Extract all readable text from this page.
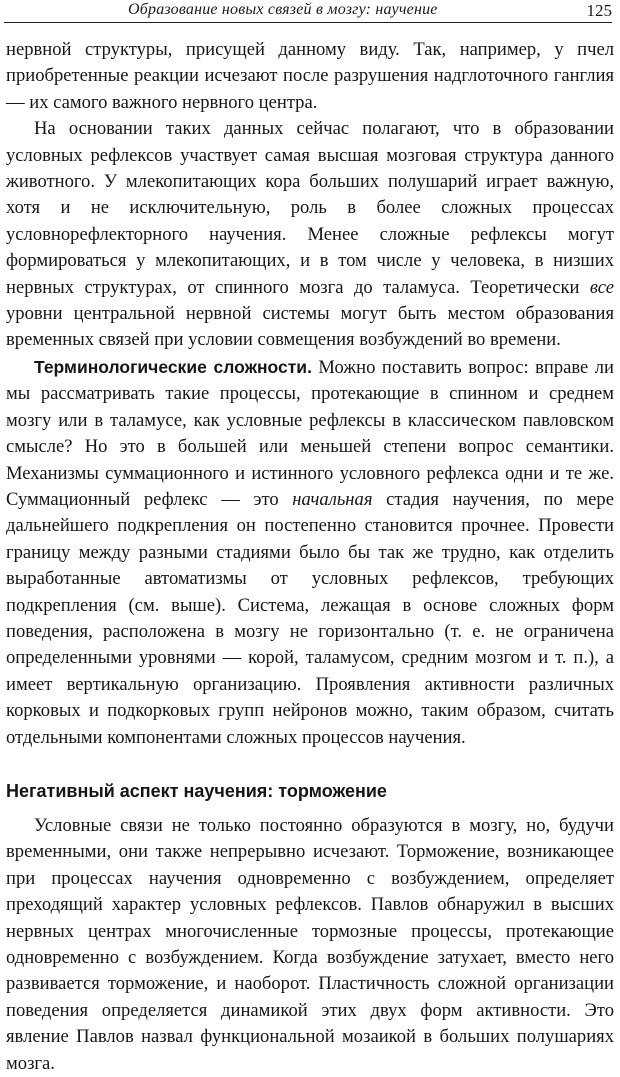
Образование новых связей в мозгу: научение	125

нервной структуры, присущей данному виду. Так, например, у пчел приобретенные реакции исчезают после разрушения надглоточного ганглия — их самого важного нервного центра.

На основании таких данных сейчас полагают, что в образовании условных рефлексов участвует самая высшая мозговая структура данного животного. У млекопитающих кора больших полушарий играет важную, хотя и не исключительную, роль в более сложных процессах условнорефлекторного научения. Менее сложные рефлексы могут формироваться у млекопитающих, и в том числе у человека, в низших нервных структурах, от спинного мозга до таламуса. Теоретически все уровни центральной нервной системы могут быть местом образования временных связей при условии совмещения возбуждений во времени.

Терминологические сложности. Можно поставить вопрос: вправе ли мы рассматривать такие процессы, протекающие в спинном и среднем мозгу или в таламусе, как условные рефлексы в классическом павловском смысле? Но это в большей или меньшей степени вопрос семантики. Механизмы суммационного и истинного условного рефлекса одни и те же. Суммационный рефлекс — это начальная стадия научения, по мере дальнейшего подкрепления он постепенно становится прочнее. Провести границу между разными стадиями было бы так же трудно, как отделить выработанные автоматизмы от условных рефлексов, требующих подкрепления (см. выше). Система, лежащая в основе сложных форм поведения, расположена в мозгу не горизонтально (т. е. не ограничена определенными уровнями — корой, таламусом, средним мозгом и т. п.), а имеет вертикальную организацию. Проявления активности различных корковых и подкорковых групп нейронов можно, таким образом, считать отдельными компонентами сложных процессов научения.

Негативный аспект научения: торможение

Условные связи не только постоянно образуются в мозгу, но, будучи временными, они также непрерывно исчезают. Торможение, возникающее при процессах научения одновременно с возбуждением, определяет преходящий характер условных рефлексов. Павлов обнаружил в высших нервных центрах многочисленные тормозные процессы, протекающие одновременно с возбуждением. Когда возбуждение затухает, вместо него развивается торможение, и наоборот. Пластичность сложной организации поведения определяется динамикой этих двух форм активности. Это явление Павлов назвал функциональной мозаикой в больших полушариях мозга.
